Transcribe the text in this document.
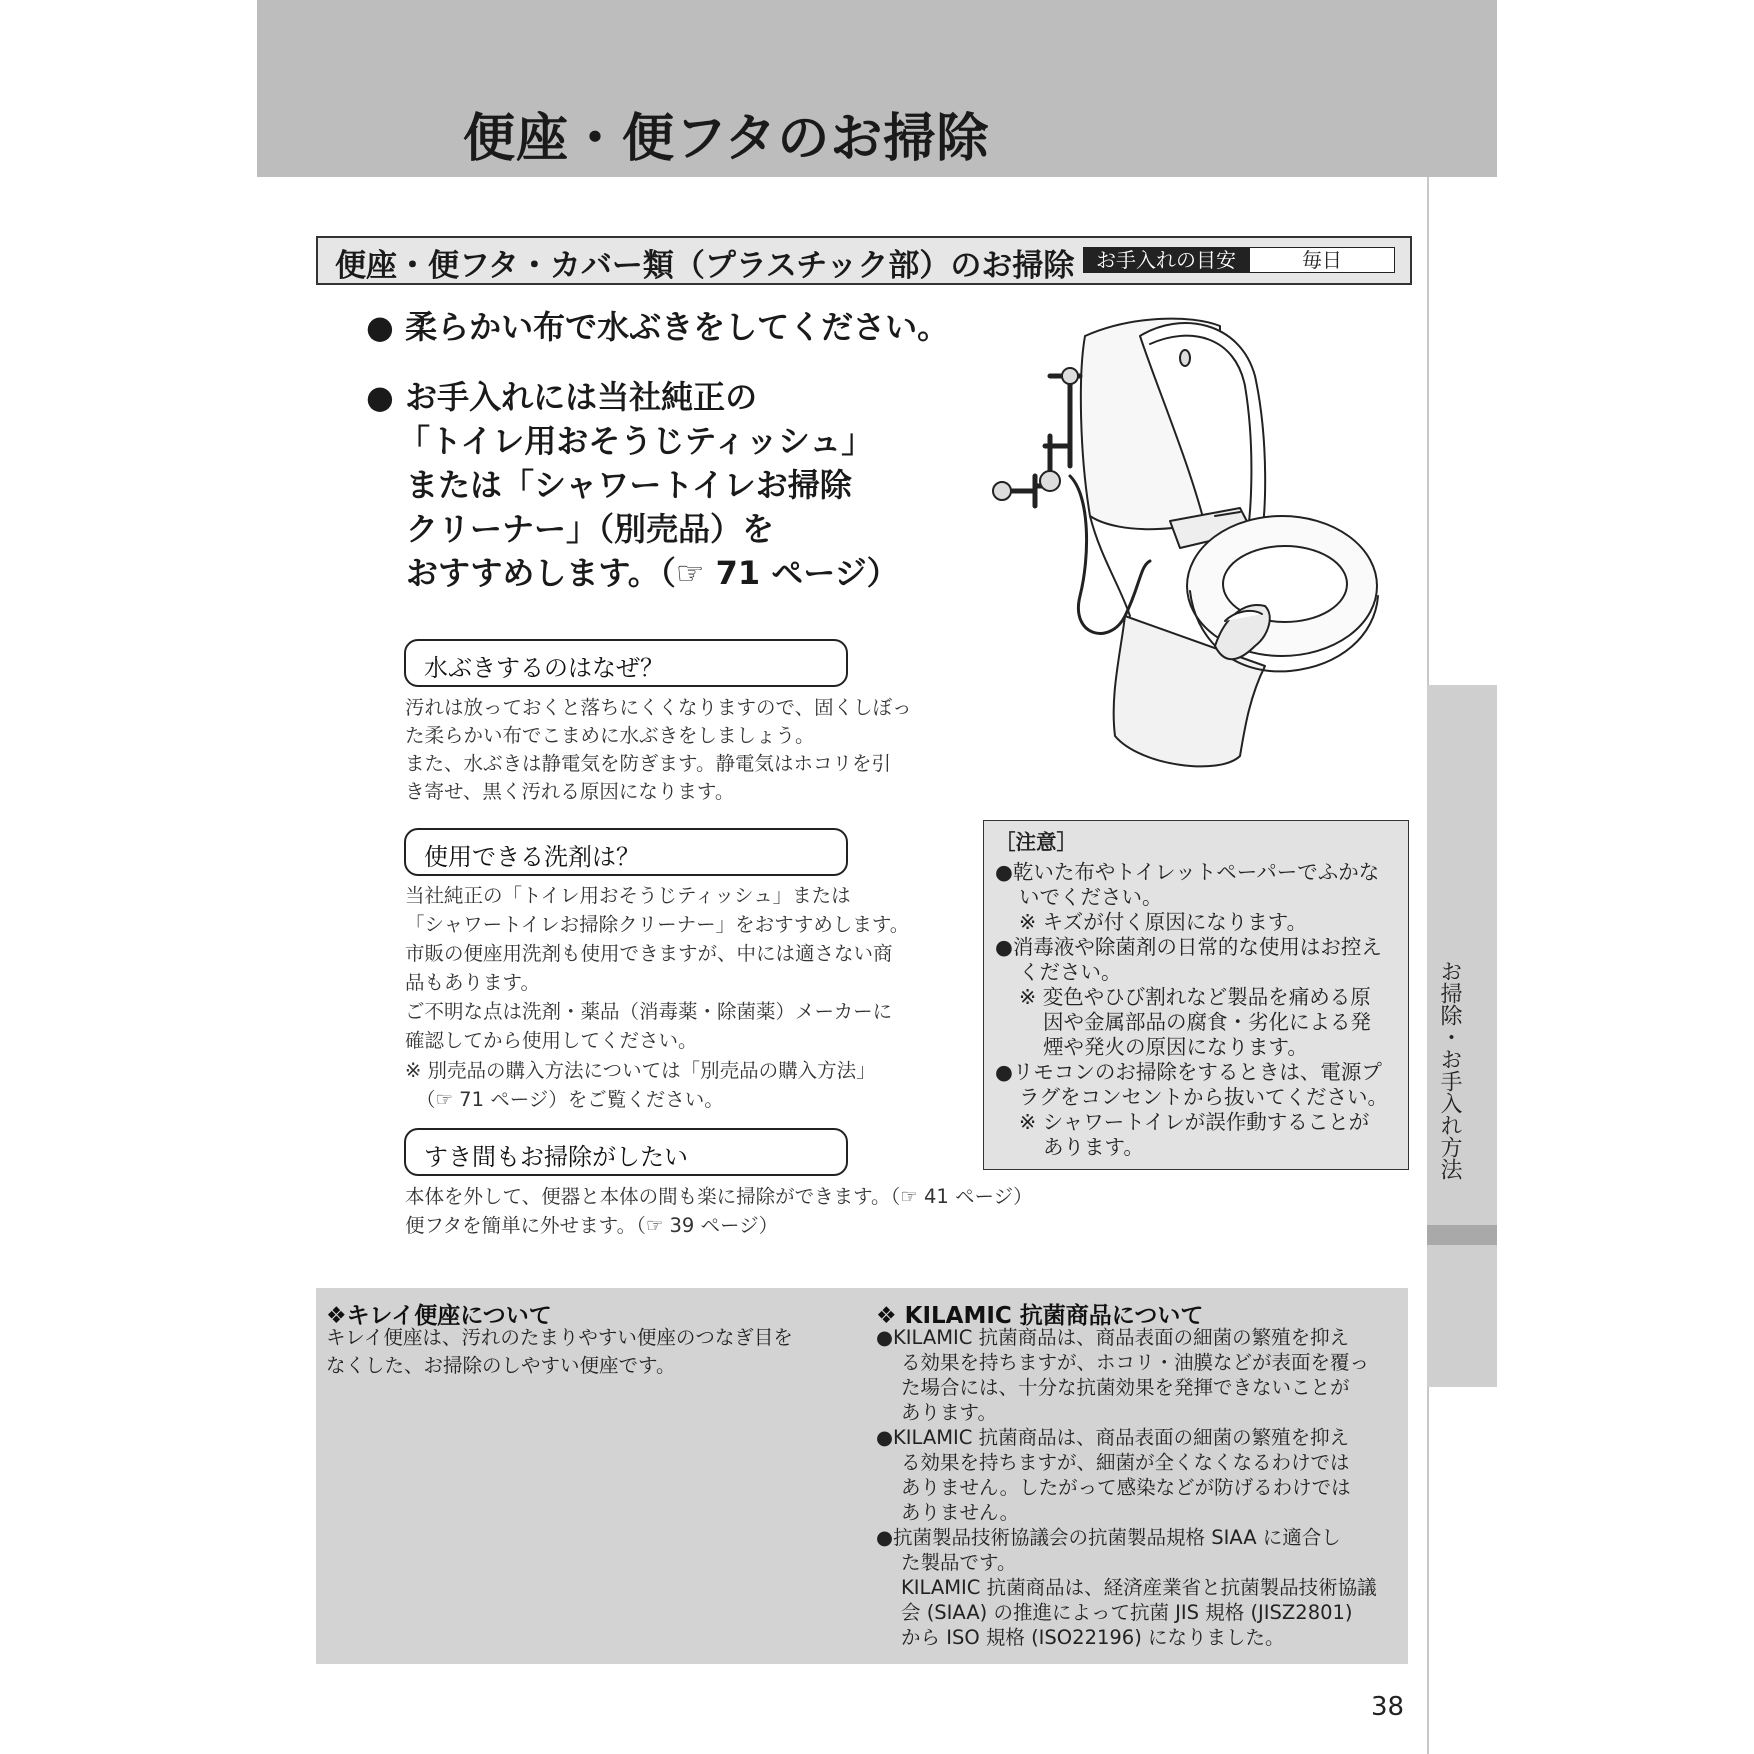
便座・便フタのお掃除
お掃除・お手入れ方法
便座・便フタ・カバー類（プラスチック部）のお掃除	お手入れの目安	毎日
● 柔らかい布で水ぶきをしてください。
● お手入れには当社純正の
「トイレ用おそうじティッシュ」
または「シャワートイレお掃除
クリーナー」（別売品）を
おすすめします。（☞ 71 ページ）
水ぶきするのはなぜ？
汚れは放っておくと落ちにくくなりますので、固くしぼっ
た柔らかい布でこまめに水ぶきをしましょう。
また、水ぶきは静電気を防ぎます。静電気はホコリを引
き寄せ、黒く汚れる原因になります。
使用できる洗剤は？
当社純正の「トイレ用おそうじティッシュ」または
「シャワートイレお掃除クリーナー」をおすすめします。
市販の便座用洗剤も使用できますが、中には適さない商
品もあります。
ご不明な点は洗剤・薬品（消毒薬・除菌薬）メーカーに
確認してから使用してください。
※ 別売品の購入方法については「別売品の購入方法」
（☞ 71 ページ）をご覧ください。
すき間もお掃除がしたい
本体を外して、便器と本体の間も楽に掃除ができます。（☞ 41 ページ）
便フタを簡単に外せます。（☞ 39 ページ）
［注意］
●乾いた布やトイレットペーパーでふかな
いでください。
※ キズが付く原因になります。
●消毒液や除菌剤の日常的な使用はお控え
ください。
※ 変色やひび割れなど製品を痛める原
因や金属部品の腐食・劣化による発
煙や発火の原因になります。
●リモコンのお掃除をするときは、電源プ
ラグをコンセントから抜いてください。
※ シャワートイレが誤作動することが
あります。
❖キレイ便座について
キレイ便座は、汚れのたまりやすい便座のつなぎ目を
なくした、お掃除のしやすい便座です。
❖ KILAMIC 抗菌商品について
●KILAMIC 抗菌商品は、商品表面の細菌の繁殖を抑え
る効果を持ちますが、ホコリ・油膜などが表面を覆っ
た場合には、十分な抗菌効果を発揮できないことが
あります。
●KILAMIC 抗菌商品は、商品表面の細菌の繁殖を抑え
る効果を持ちますが、細菌が全くなくなるわけでは
ありません。したがって感染などが防げるわけでは
ありません。
●抗菌製品技術協議会の抗菌製品規格 SIAA に適合し
た製品です。
KILAMIC 抗菌商品は、経済産業省と抗菌製品技術協議
会 (SIAA) の推進によって抗菌 JIS 規格 (JISZ2801)
から ISO 規格 (ISO22196) になりました。
38
